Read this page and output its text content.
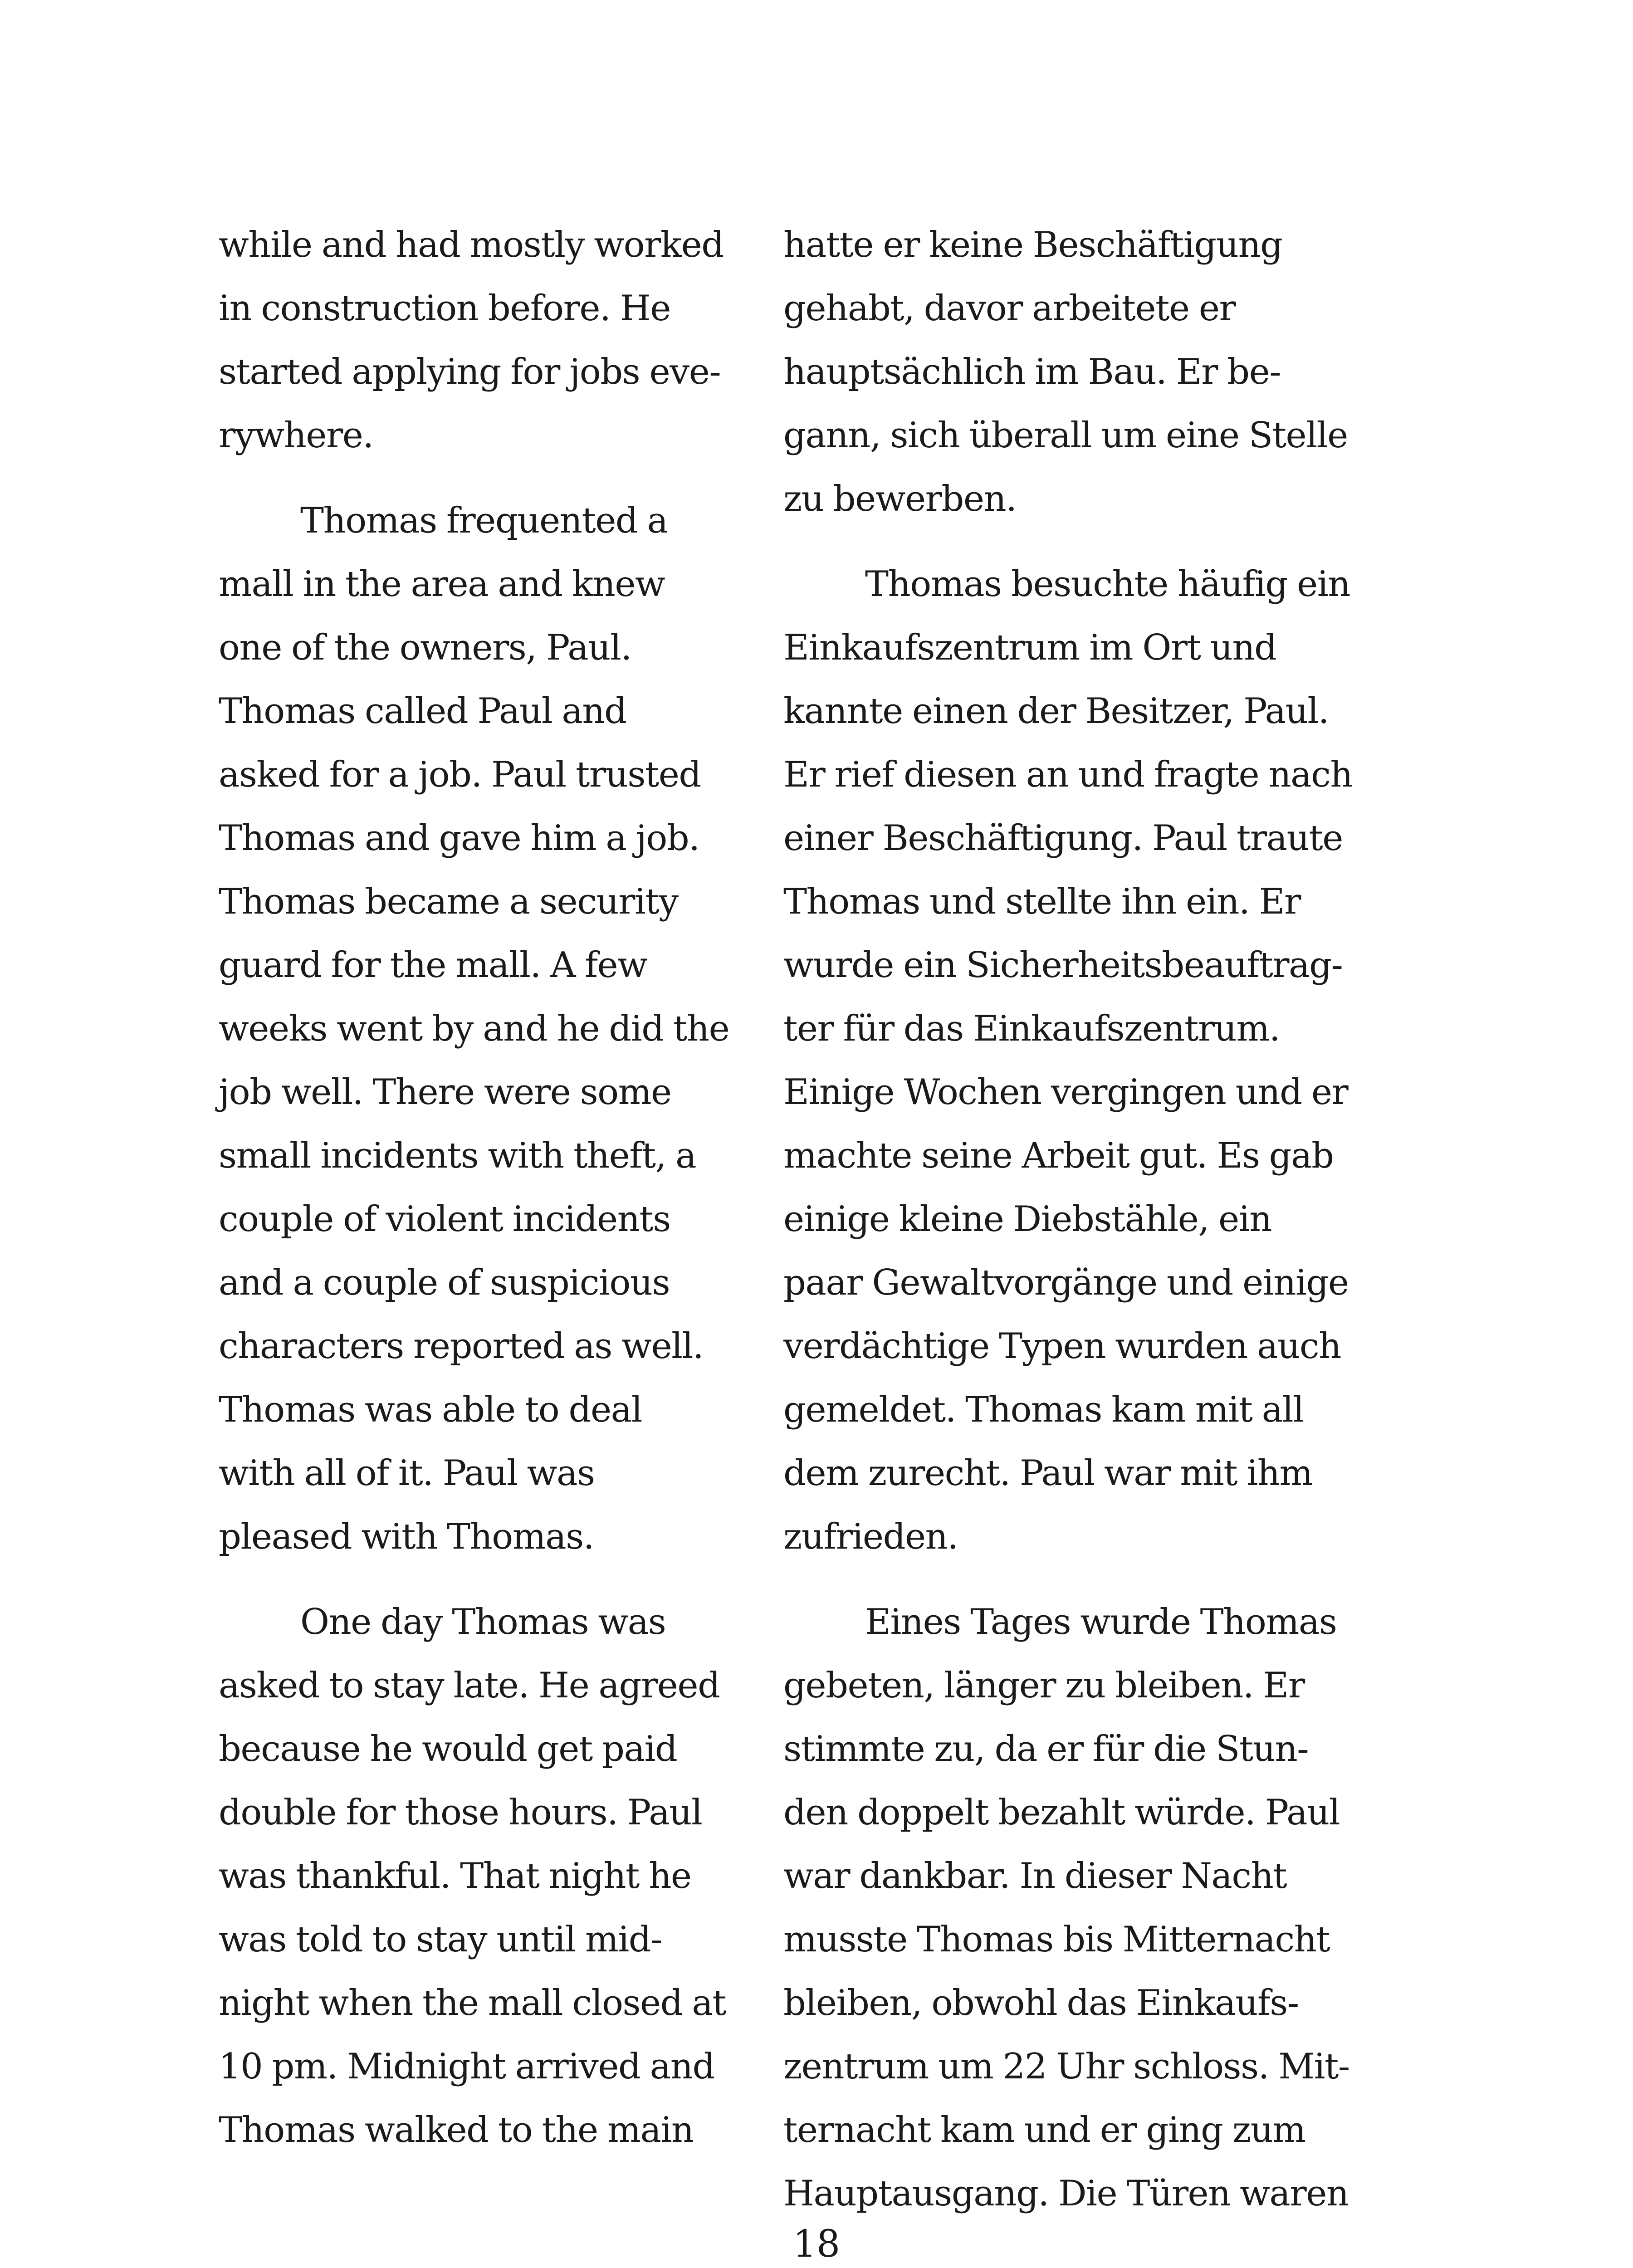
while and had mostly worked
in construction before. He
started applying for jobs eve-
rywhere.
Thomas frequented a
mall in the area and knew
one of the owners, Paul.
Thomas called Paul and
asked for a job. Paul trusted
Thomas and gave him a job.
Thomas became a security
guard for the mall. A few
weeks went by and he did the
job well. There were some
small incidents with theft, a
couple of violent incidents
and a couple of suspicious
characters reported as well.
Thomas was able to deal
with all of it. Paul was
pleased with Thomas.
One day Thomas was
asked to stay late. He agreed
because he would get paid
double for those hours. Paul
was thankful. That night he
was told to stay until mid-
night when the mall closed at
10 pm. Midnight arrived and
Thomas walked to the main
hatte er keine Beschäftigung
gehabt, davor arbeitete er
hauptsächlich im Bau. Er be-
gann, sich überall um eine Stelle
zu bewerben.
Thomas besuchte häufig ein
Einkaufszentrum im Ort und
kannte einen der Besitzer, Paul.
Er rief diesen an und fragte nach
einer Beschäftigung. Paul traute
Thomas und stellte ihn ein. Er
wurde ein Sicherheitsbeauftrag-
ter für das Einkaufszentrum.
Einige Wochen vergingen und er
machte seine Arbeit gut. Es gab
einige kleine Diebstähle, ein
paar Gewaltvorgänge und einige
verdächtige Typen wurden auch
gemeldet. Thomas kam mit all
dem zurecht. Paul war mit ihm
zufrieden.
Eines Tages wurde Thomas
gebeten, länger zu bleiben. Er
stimmte zu, da er für die Stun-
den doppelt bezahlt würde. Paul
war dankbar. In dieser Nacht
musste Thomas bis Mitternacht
bleiben, obwohl das Einkaufs-
zentrum um 22 Uhr schloss. Mit-
ternacht kam und er ging zum
Hauptausgang. Die Türen waren
18
